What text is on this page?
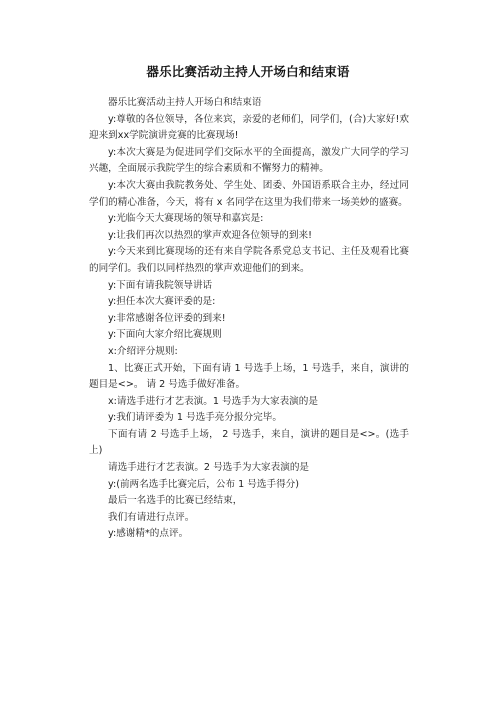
器乐比赛活动主持人开场白和结束语

器乐比赛活动主持人开场白和结束语

y:尊敬的各位领导，各位来宾，亲爱的老师们，同学们，(合)大家好!欢迎来到xx学院演讲竞赛的比赛现场!

y:本次大赛是为促进同学们交际水平的全面提高，激发广大同学的学习兴趣，全面展示我院学生的综合素质和不懈努力的精神。

y:本次大赛由我院教务处、学生处、团委、外国语系联合主办，经过同学们的精心准备，今天，将有 x 名同学在这里为我们带来一场美妙的盛赛。

y:光临今天大赛现场的领导和嘉宾是:

y:让我们再次以热烈的掌声欢迎各位领导的到来!

y:今天来到比赛现场的还有来自学院各系党总支书记、主任及观看比赛的同学们。我们以同样热烈的掌声欢迎他们的到来。

y:下面有请我院领导讲话

y:担任本次大赛评委的是:

y:非常感谢各位评委的到来!

y:下面向大家介绍比赛规则

x:介绍评分规则:

1、比赛正式开始，下面有请 1 号选手上场，1 号选手，来自，演讲的题目是<>。 请 2 号选手做好准备。

x:请选手进行才艺表演。1 号选手为大家表演的是

y:我们请评委为 1 号选手亮分报分完毕。

下面有请 2 号选手上场， 2 号选手，来自，演讲的题目是<>。(选手上)

请选手进行才艺表演。2 号选手为大家表演的是

y:(前两名选手比赛完后，公布 1 号选手得分)

最后一名选手的比赛已经结束，

我们有请进行点评。

y:感谢精*的点评。
